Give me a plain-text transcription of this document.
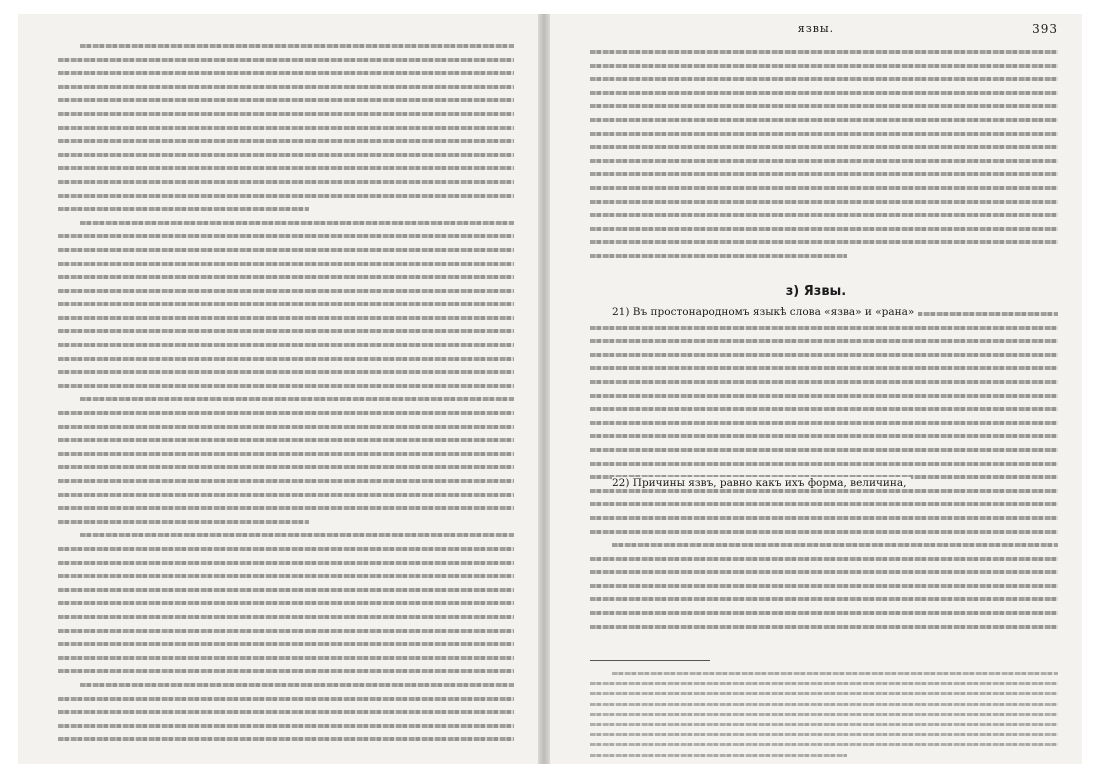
язвы.	393
з) Язвы.
21) Въ простонародномъ языкѣ слова «язва» и «рана»
22) Причины язвъ, равно какъ ихъ форма, величина,
